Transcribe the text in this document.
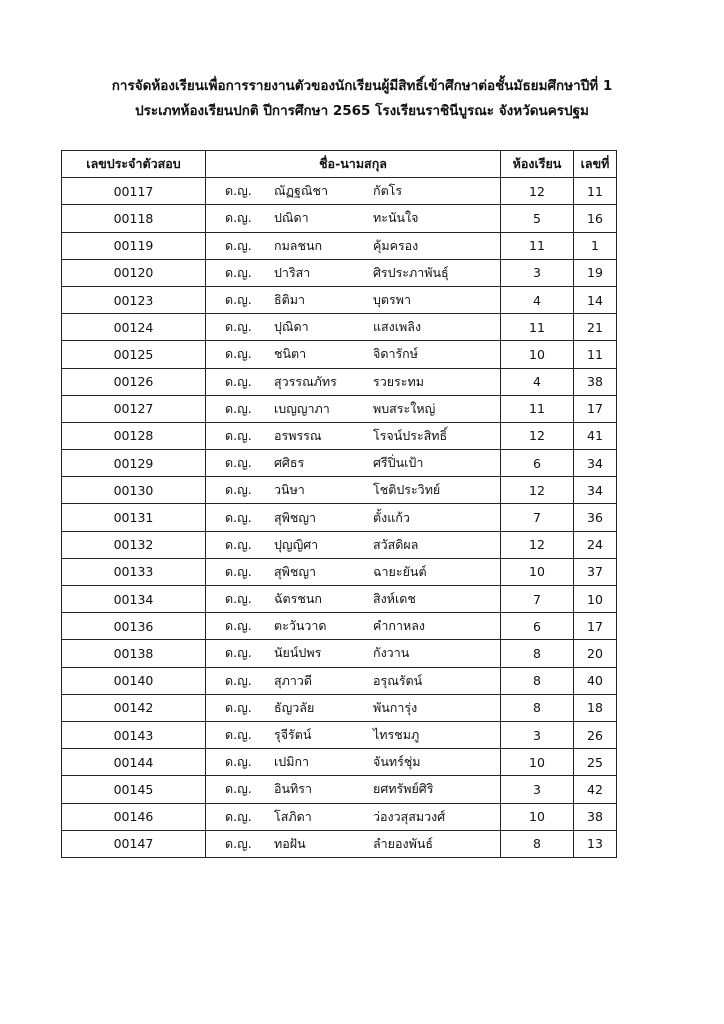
การจัดห้องเรียนเพื่อการรายงานตัวของนักเรียนผู้มีสิทธิ์เข้าศึกษาต่อชั้นมัธยมศึกษาปีที่ 1
ประเภทห้องเรียนปกติ ปีการศึกษา 2565 โรงเรียนราชินีบูรณะ จังหวัดนครปฐม
เลขประจำตัวสอบ	ชื่อ-นามสกุล	ห้องเรียน	เลขที่
00117	ด.ญ. ณัฏฐณิชา กัตโร	12	11
00118	ด.ญ. ปณิดา ทะนันใจ	5	16
00119	ด.ญ. กมลชนก คุ้มครอง	11	1
00120	ด.ญ. ปาริสา ศิรประภาพันธุ์	3	19
00123	ด.ญ. ธิติมา บุตรพา	4	14
00124	ด.ญ. ปุณิดา แสงเพลิง	11	21
00125	ด.ญ. ชนิตา จิดารักษ์	10	11
00126	ด.ญ. สุวรรณภัทร รวยระทม	4	38
00127	ด.ญ. เบญญาภา พบสระใหญ่	11	17
00128	ด.ญ. อรพรรณ โรจน์ประสิทธิ์	12	41
00129	ด.ญ. ศศิธร ศรีปิ่นเป้า	6	34
00130	ด.ญ. วนิษา โชติประวิทย์	12	34
00131	ด.ญ. สุพิชญา ตั้งแก้ว	7	36
00132	ด.ญ. ปุญญิศา สวัสดิผล	12	24
00133	ด.ญ. สุพิชญา ฉายะยันต์	10	37
00134	ด.ญ. ฉัตรชนก สิงห์เดช	7	10
00136	ด.ญ. ตะวันวาด คำกาหลง	6	17
00138	ด.ญ. นัยน์ปพร กังวาน	8	20
00140	ด.ญ. สุภาวดี อรุณรัตน์	8	40
00142	ด.ญ. ธัญวลัย พันการุ่ง	8	18
00143	ด.ญ. รุจีรัตน์ ไทรชมภู	3	26
00144	ด.ญ. เปมิกา จันทร์ชุ่ม	10	25
00145	ด.ญ. อินทิรา ยศทรัพย์ศิริ	3	42
00146	ด.ญ. โสภิดา ว่องวสุสมวงศ์	10	38
00147	ด.ญ. ทอฝัน ลำยองพันธ์	8	13
